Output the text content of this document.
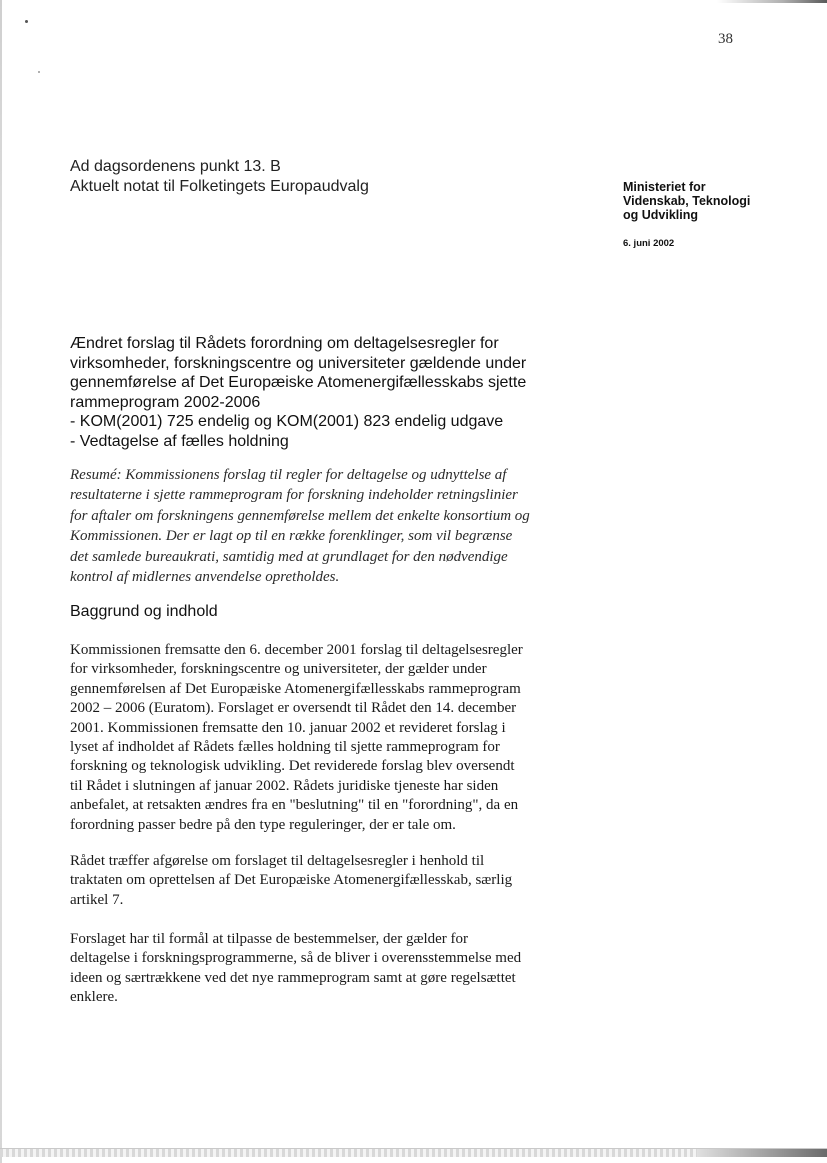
38
Ad dagsordenens punkt 13. B
Aktuelt notat til Folketingets Europaudvalg	Ministeriet for
Videnskab, Teknologi
og Udvikling
6. juni 2002
Ændret forslag til Rådets forordning om deltagelsesregler for
virksomheder, forskningscentre og universiteter gældende under
gennemførelse af Det Europæiske Atomenergifællesskabs sjette
rammeprogram 2002-2006
- KOM(2001) 725 endelig og KOM(2001) 823 endelig udgave
- Vedtagelse af fælles holdning
Resumé: Kommissionens forslag til regler for deltagelse og udnyttelse af
resultaterne i sjette rammeprogram for forskning indeholder retningslinier
for aftaler om forskningens gennemførelse mellem det enkelte konsortium og
Kommissionen. Der er lagt op til en række forenklinger, som vil begrænse
det samlede bureaukrati, samtidig med at grundlaget for den nødvendige
kontrol af midlernes anvendelse opretholdes.
Baggrund og indhold
Kommissionen fremsatte den 6. december 2001 forslag til deltagelsesregler
for virksomheder, forskningscentre og universiteter, der gælder under
gennemførelsen af Det Europæiske Atomenergifællesskabs rammeprogram
2002 – 2006 (Euratom). Forslaget er oversendt til Rådet den 14. december
2001. Kommissionen fremsatte den 10. januar 2002 et revideret forslag i
lyset af indholdet af Rådets fælles holdning til sjette rammeprogram for
forskning og teknologisk udvikling. Det reviderede forslag blev oversendt
til Rådet i slutningen af januar 2002. Rådets juridiske tjeneste har siden
anbefalet, at retsakten ændres fra en "beslutning" til en "forordning", da en
forordning passer bedre på den type reguleringer, der er tale om.
Rådet træffer afgørelse om forslaget til deltagelsesregler i henhold til
traktaten om oprettelsen af Det Europæiske Atomenergifællesskab, særlig
artikel 7.
Forslaget har til formål at tilpasse de bestemmelser, der gælder for
deltagelse i forskningsprogrammerne, så de bliver i overensstemmelse med
ideen og særtrækkene ved det nye rammeprogram samt at gøre regelsættet
enklere.
